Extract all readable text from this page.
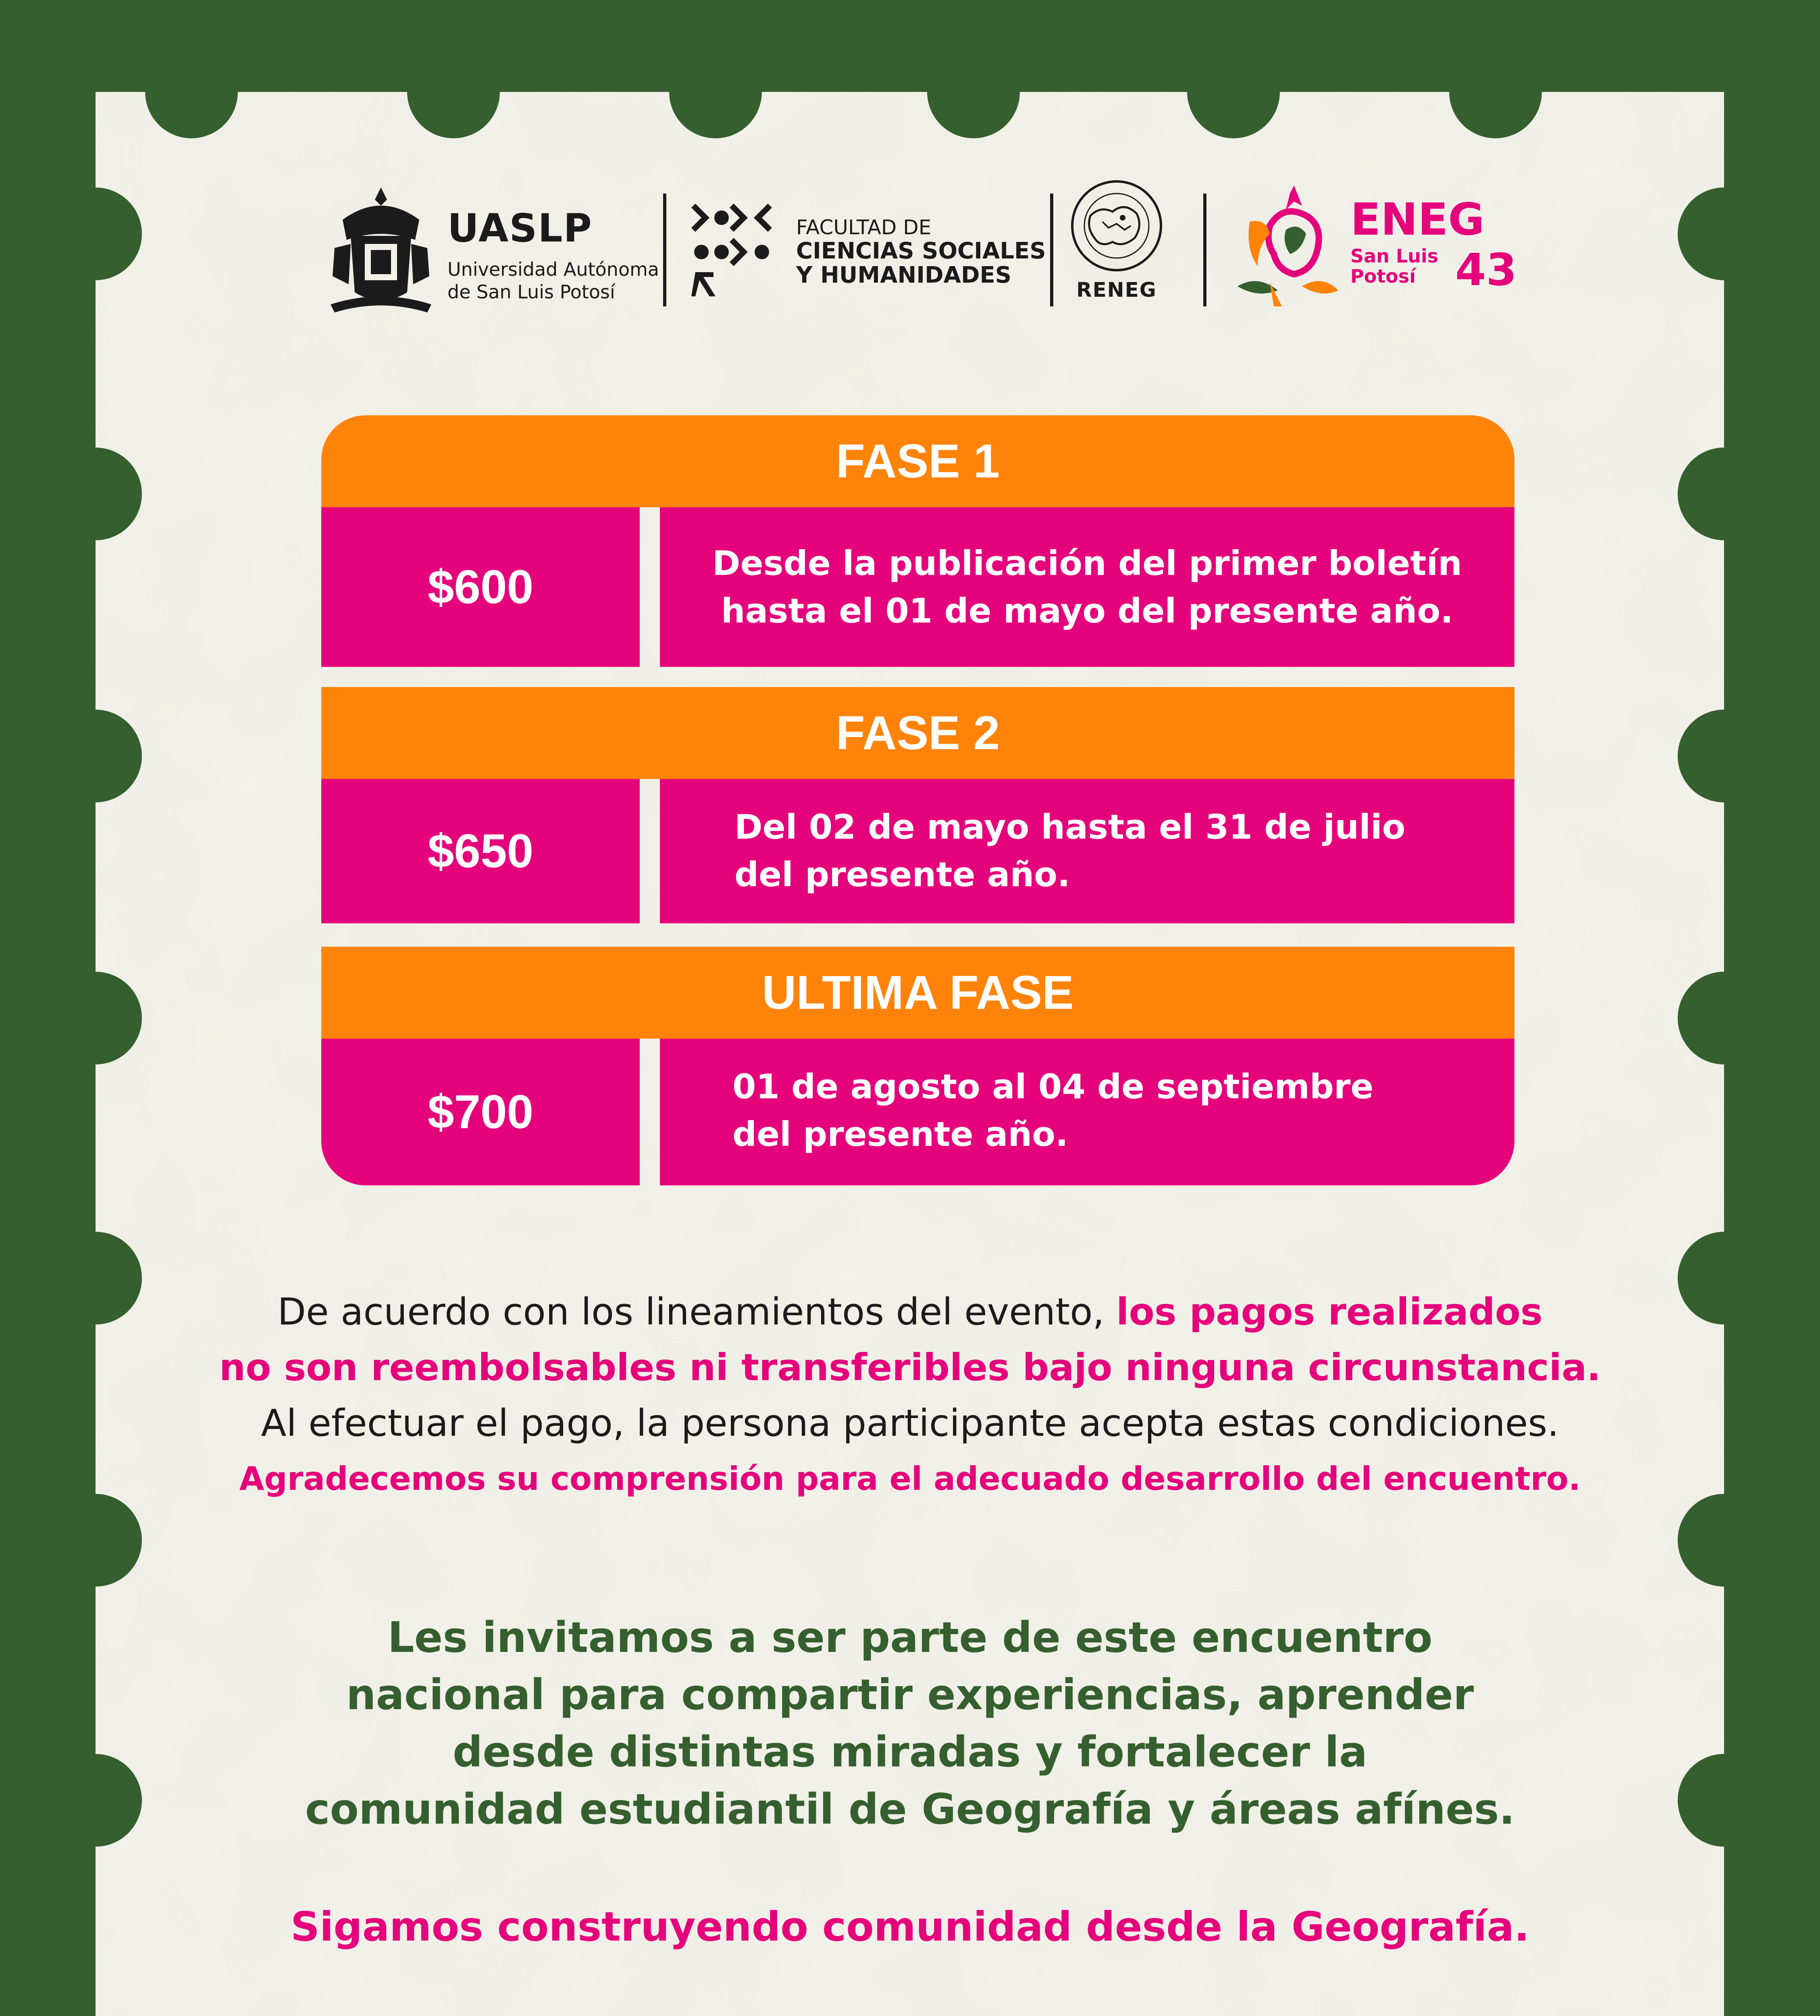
UASLP
Universidad Autónoma
de San Luis Potosí
FACULTAD DE
CIENCIAS SOCIALES
Y HUMANIDADES
RENEG
ENEG
San Luis
Potosí 43
FASE 1
$600	Desde la publicación del primer boletín
hasta el 01 de mayo del presente año.
FASE 2
$650	Del 02 de mayo hasta el 31 de julio
del presente año.
ULTIMA FASE
$700	01 de agosto al 04 de septiembre
del presente año.
De acuerdo con los lineamientos del evento, los pagos realizados
no son reembolsables ni transferibles bajo ninguna circunstancia.
Al efectuar el pago, la persona participante acepta estas condiciones.
Agradecemos su comprensión para el adecuado desarrollo del encuentro.
Les invitamos a ser parte de este encuentro
nacional para compartir experiencias, aprender
desde distintas miradas y fortalecer la
comunidad estudiantil de Geografía y áreas afínes.
Sigamos construyendo comunidad desde la Geografía.
